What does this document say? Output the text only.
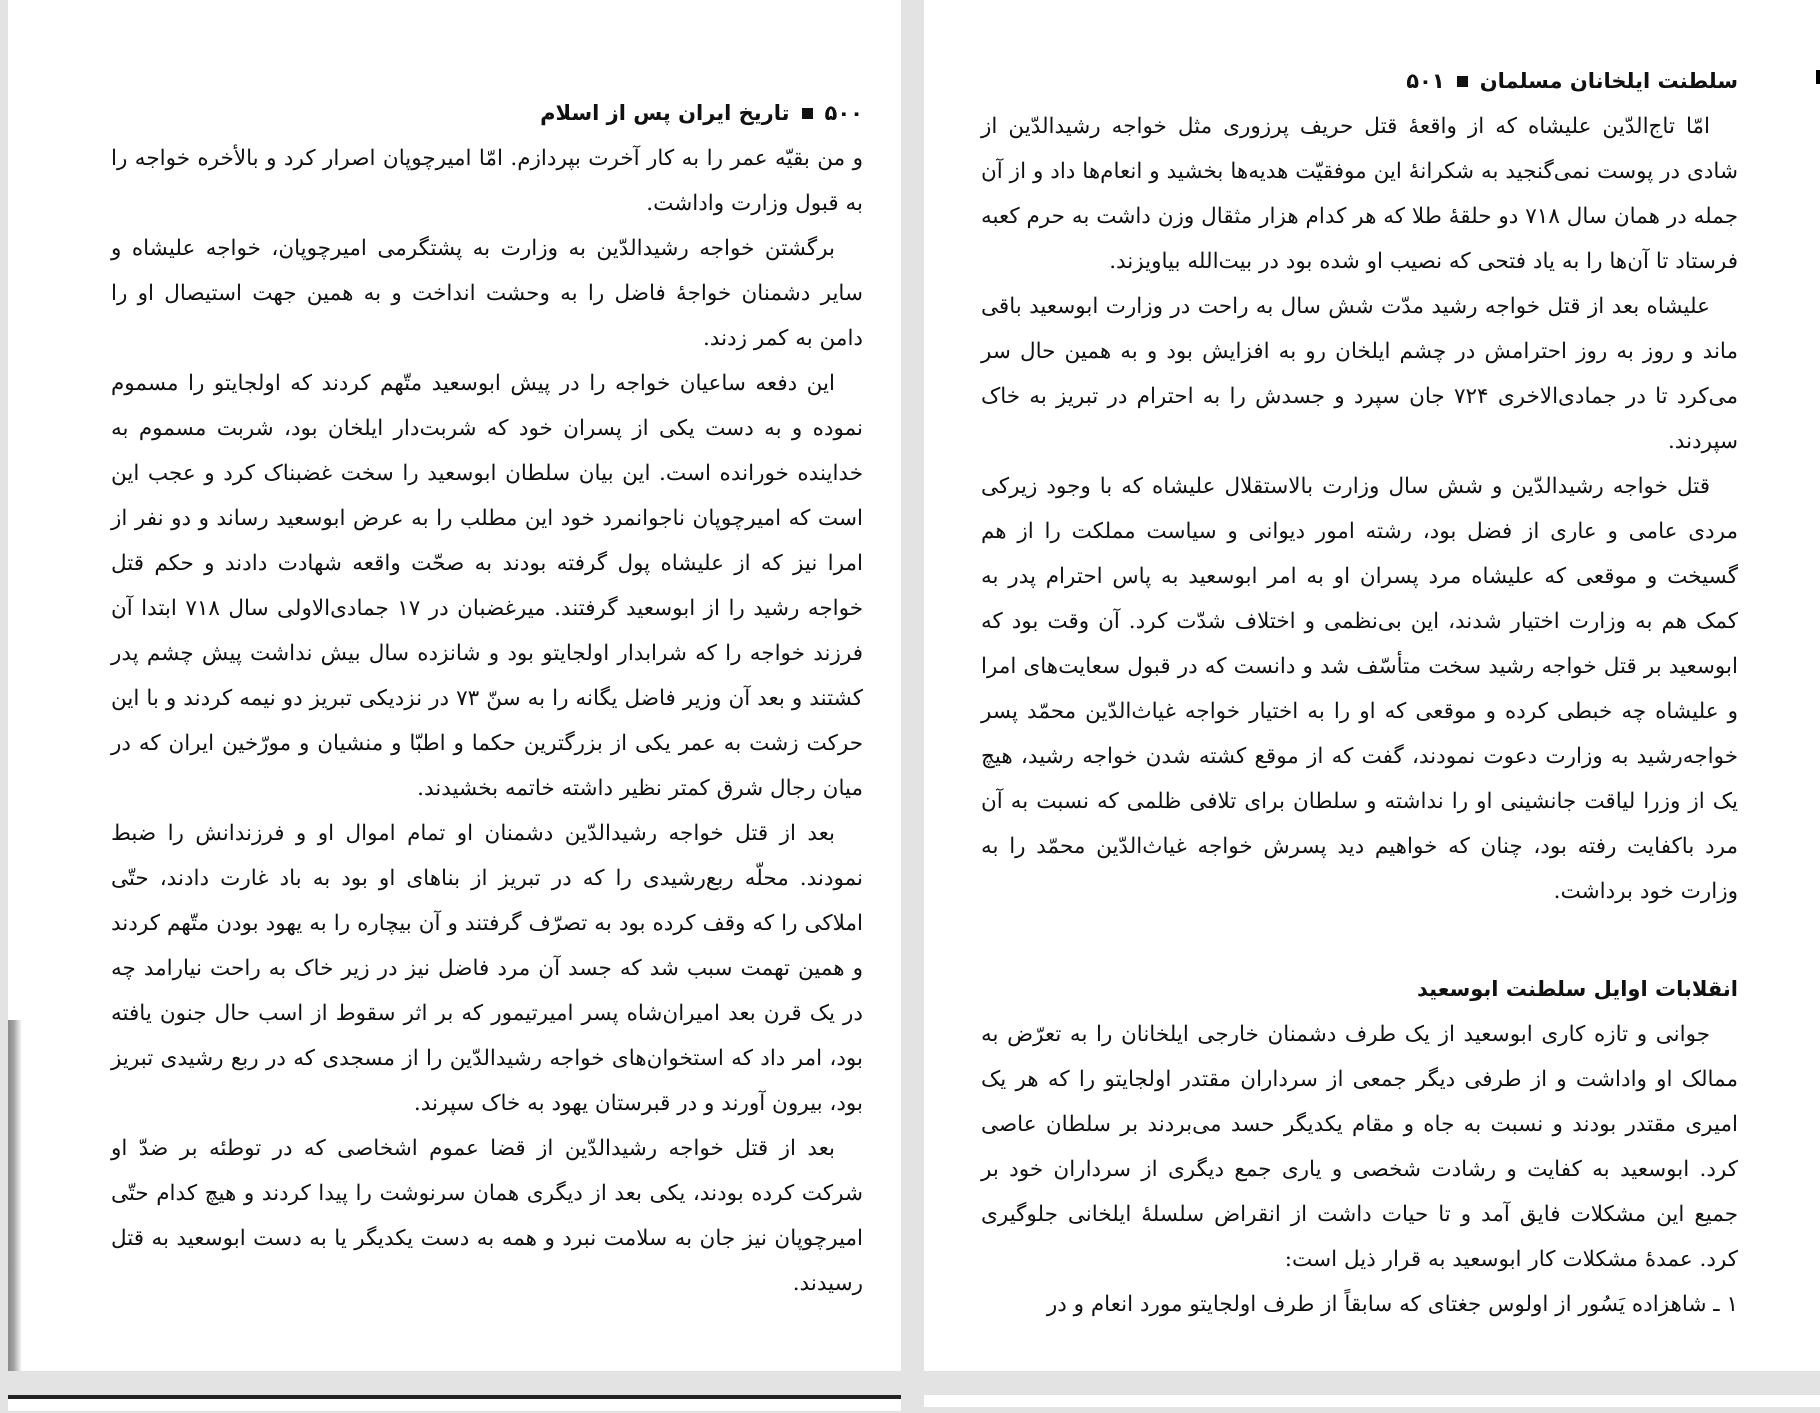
۵۰۰
تاریخ ایران پس از اسلام

و من بقیّه عمر را به کار آخرت بپردازم. امّا امیرچوپان اصرار کرد و بالأخره خواجه را به قبول وزارت واداشت.

برگشتن خواجه رشیدالدّین به وزارت به پشتگرمی امیرچوپان، خواجه علیشاه و سایر دشمنان خواجهٔ فاضل را به وحشت انداخت و به همین جهت استیصال او را دامن به کمر زدند.

این دفعه ساعیان خواجه را در پیش ابوسعید متّهم کردند که اولجایتو را مسموم نموده و به دست یکی از پسران خود که شربت‌دار ایلخان بود، شربت مسموم به خداینده خورانده است. این بیان سلطان ابوسعید را سخت غضبناک کرد و عجب این است که امیرچوپان ناجوانمرد خود این مطلب را به عرض ابوسعید رساند و دو نفر از امرا نیز که از علیشاه پول گرفته بودند به صحّت واقعه شهادت دادند و حکم قتل خواجه رشید را از ابوسعید گرفتند. میرغضبان در ۱۷ جمادی‌الاولی سال ۷۱۸ ابتدا آن فرزند خواجه را که شرابدار اولجایتو بود و شانزده سال بیش نداشت پیش چشم پدر کشتند و بعد آن وزیر فاضل یگانه را به سنّ ۷۳ در نزدیکی تبریز دو نیمه کردند و با این حرکت زشت به عمر یکی از بزرگترین حکما و اطبّا و منشیان و مورّخین ایران که در میان رجال شرق کمتر نظیر داشته خاتمه بخشیدند.

بعد از قتل خواجه رشیدالدّین دشمنان او تمام اموال او و فرزندانش را ضبط نمودند. محلّه ربع‌رشیدی را که در تبریز از بناهای او بود به باد غارت دادند، حتّی املاکی را که وقف کرده بود به تصرّف گرفتند و آن بیچاره را به یهود بودن متّهم کردند و همین تهمت سبب شد که جسد آن مرد فاضل نیز در زیر خاک به راحت نیارامد چه در یک قرن بعد امیران‌شاه پسر امیرتیمور که بر اثر سقوط از اسب حال جنون یافته بود، امر داد که استخوان‌های خواجه رشیدالدّین را از مسجدی که در ربع رشیدی تبریز بود، بیرون آورند و در قبرستان یهود به خاک سپرند.

بعد از قتل خواجه رشیدالدّین از قضا عموم اشخاصی که در توطئه بر ضدّ او شرکت کرده بودند، یکی بعد از دیگری همان سرنوشت را پیدا کردند و هیچ کدام حتّی امیرچوپان نیز جان به سلامت نبرد و همه به دست یکدیگر یا به دست ابوسعید به قتل رسیدند.

سلطنت ایلخانان مسلمان
۵۰۱

امّا تاج‌الدّین علیشاه که از واقعهٔ قتل حریف پرزوری مثل خواجه رشیدالدّین از شادی در پوست نمی‌گنجید به شکرانهٔ این موفقیّت هدیه‌ها بخشید و انعام‌ها داد و از آن جمله در همان سال ۷۱۸ دو حلقهٔ طلا که هر کدام هزار مثقال وزن داشت به حرم کعبه فرستاد تا آن‌ها را به یاد فتحی که نصیب او شده بود در بیت‌الله بیاویزند.

علیشاه بعد از قتل خواجه رشید مدّت شش سال به راحت در وزارت ابوسعید باقی ماند و روز به روز احترامش در چشم ایلخان رو به افزایش بود و به همین حال سر می‌کرد تا در جمادی‌الاخری ۷۲۴ جان سپرد و جسدش را به احترام در تبریز به خاک سپردند.

قتل خواجه رشیدالدّین و شش سال وزارت بالاستقلال علیشاه که با وجود زیرکی مردی عامی و عاری از فضل بود، رشته امور دیوانی و سیاست مملکت را از هم گسیخت و موقعی که علیشاه مرد پسران او به امر ابوسعید به پاس احترام پدر به کمک هم به وزارت اختیار شدند، این بی‌نظمی و اختلاف شدّت کرد. آن وقت بود که ابوسعید بر قتل خواجه رشید سخت متأسّف شد و دانست که در قبول سعایت‌های امرا و علیشاه چه خبطی کرده و موقعی که او را به اختیار خواجه غیاث‌الدّین محمّد پسر خواجه‌رشید به وزارت دعوت نمودند، گفت که از موقع کشته شدن خواجه رشید، هیچ یک از وزرا لیاقت جانشینی او را نداشته و سلطان برای تلافی ظلمی که نسبت به آن مرد باکفایت رفته بود، چنان که خواهیم دید پسرش خواجه غیاث‌الدّین محمّد را به وزارت خود برداشت.

انقلابات اوایل سلطنت ابوسعید

جوانی و تازه کاری ابوسعید از یک طرف دشمنان خارجی ایلخانان را به تعرّض به ممالک او واداشت و از طرفی دیگر جمعی از سرداران مقتدر اولجایتو را که هر یک امیری مقتدر بودند و نسبت به جاه و مقام یکدیگر حسد می‌بردند بر سلطان عاصی کرد. ابوسعید به کفایت و رشادت شخصی و یاری جمع دیگری از سرداران خود بر جمیع این مشکلات فایق آمد و تا حیات داشت از انقراض سلسلهٔ ایلخانی جلوگیری کرد. عمدهٔ مشکلات کار ابوسعید به قرار ذیل است:

۱ ـ شاهزاده یَسُور از اولوس جغتای که سابقاً از طرف اولجایتو مورد انعام و در
